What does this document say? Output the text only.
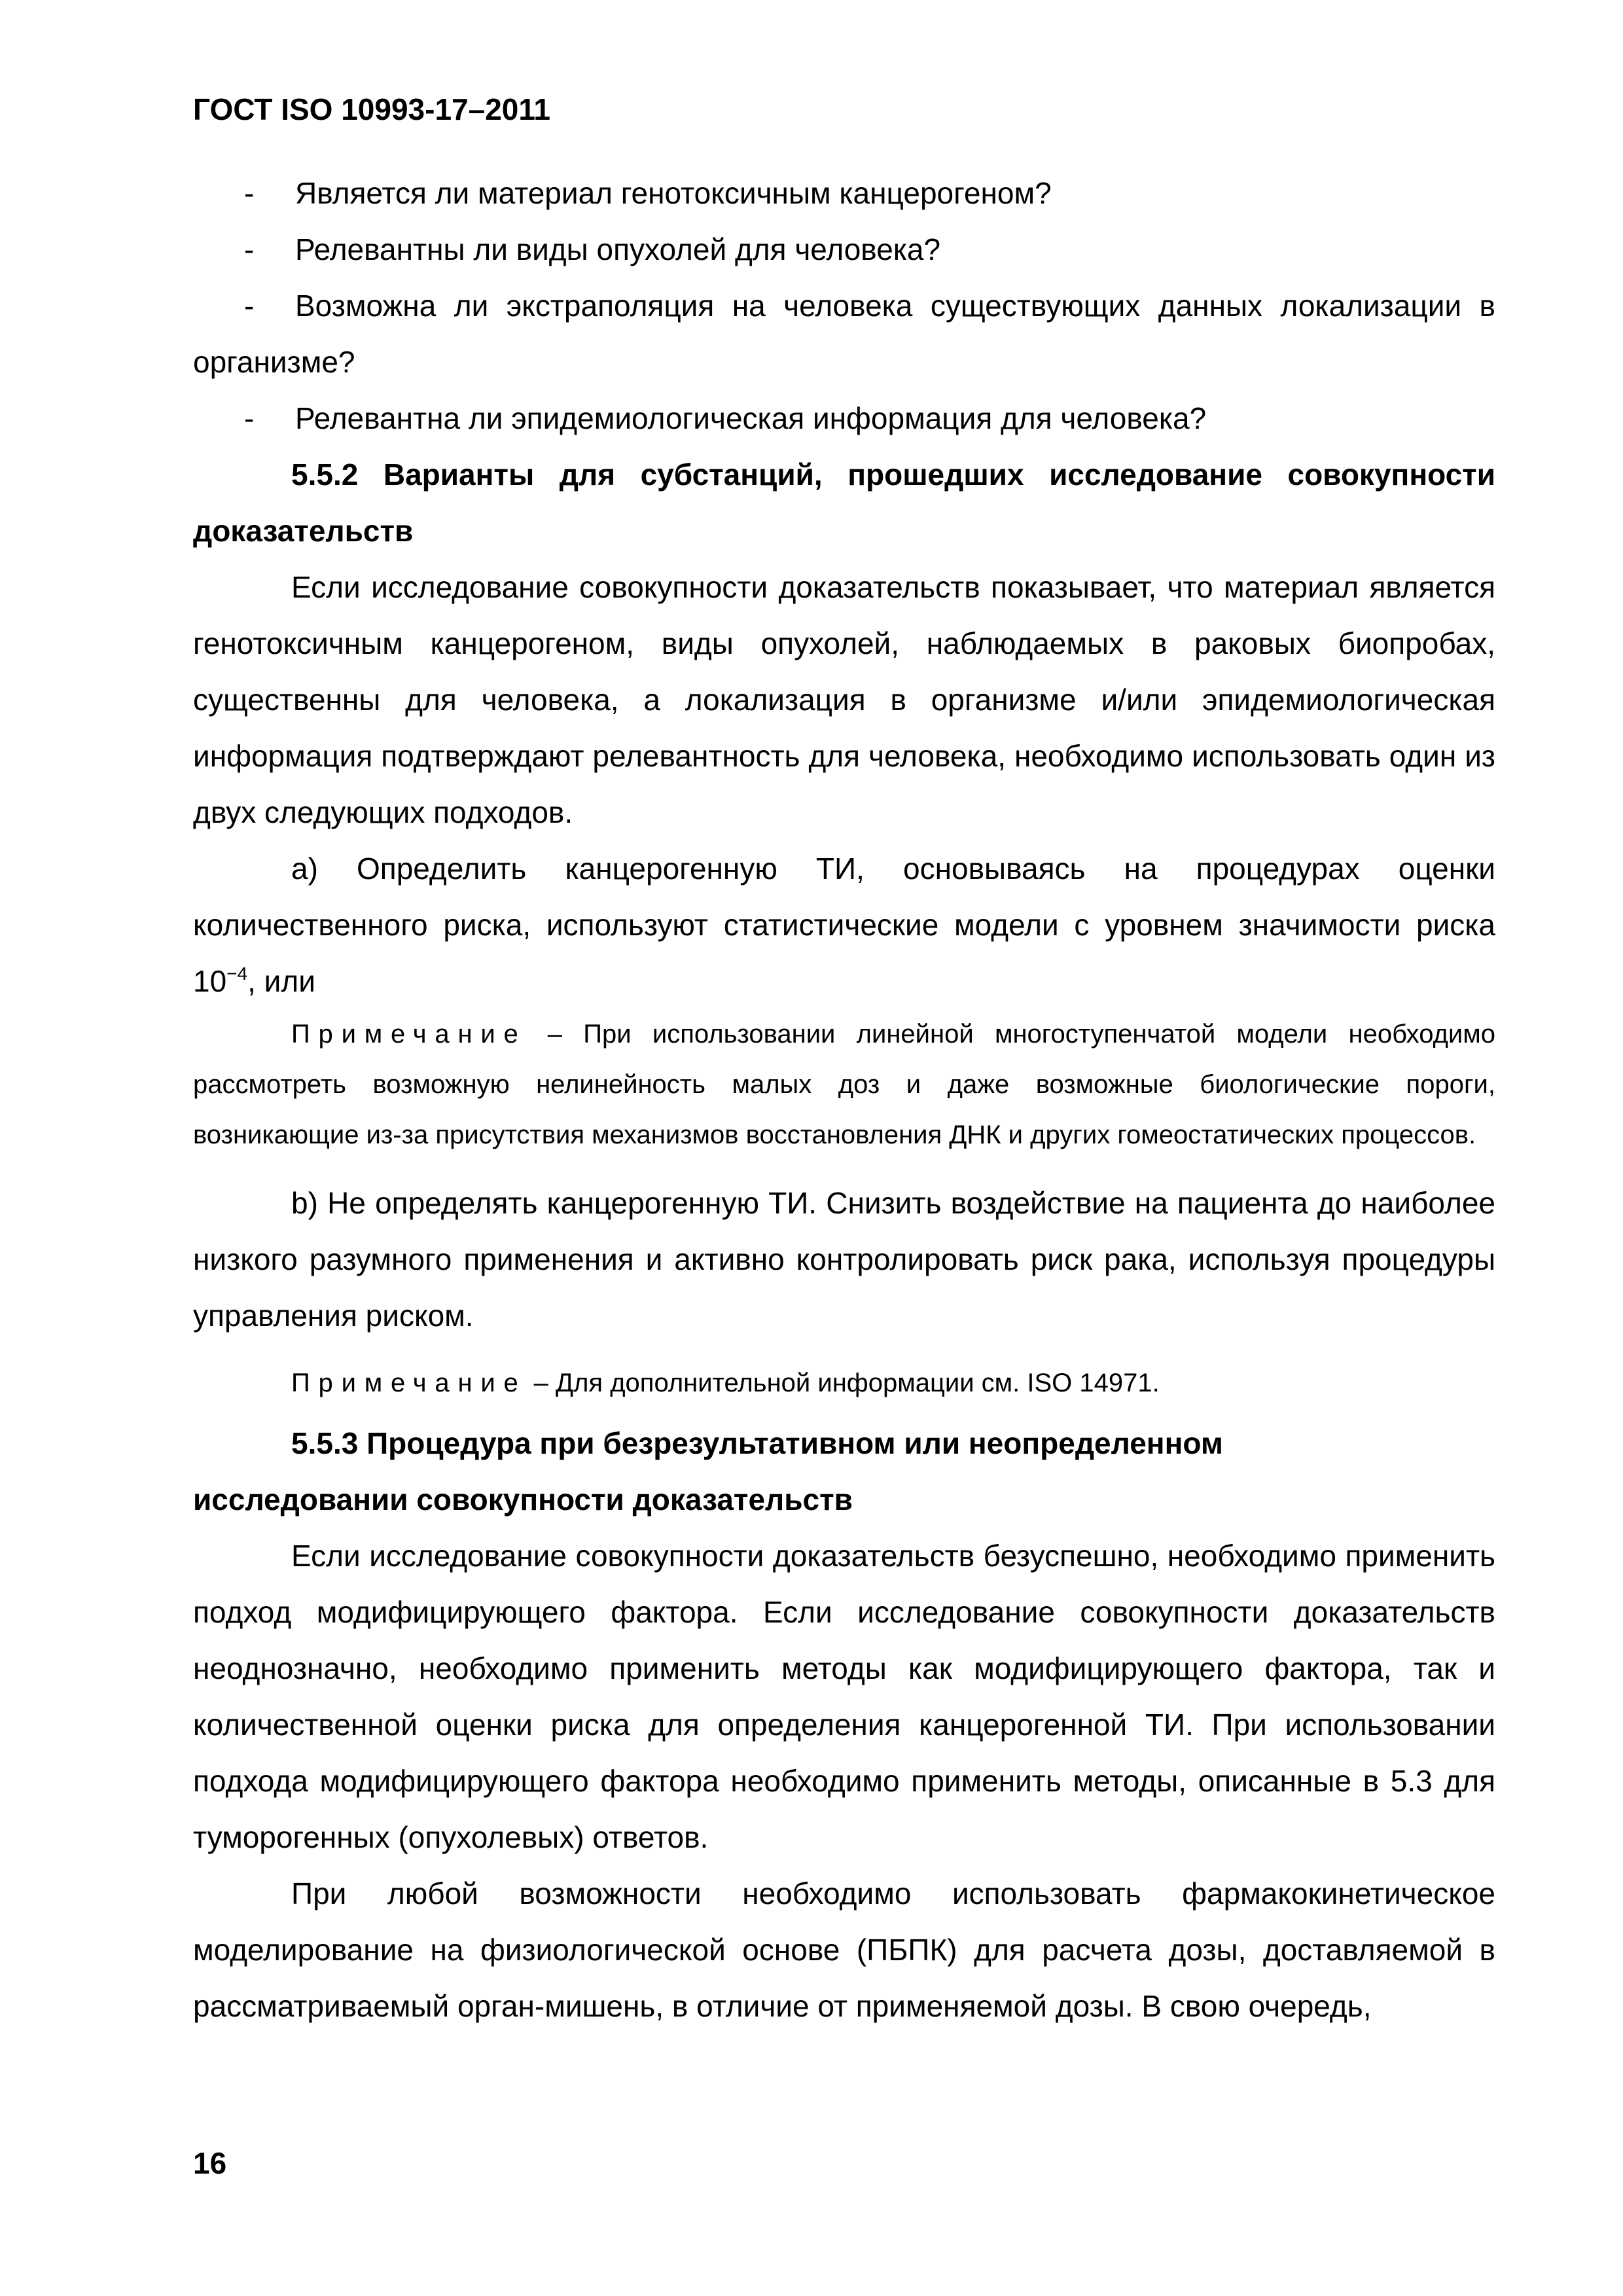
ГОСТ ISO 10993-17–2011

- Является ли материал генотоксичным канцерогеном?

- Релевантны ли виды опухолей для человека?

- Возможна ли экстраполяция на человека существующих данных локализации в организме?

- Релевантна ли эпидемиологическая информация для человека?

5.5.2 Варианты для субстанций, прошедших исследование совокупности доказательств

Если исследование совокупности доказательств показывает, что материал является генотоксичным канцерогеном, виды опухолей, наблюдаемых в раковых биопробах, существенны для человека, а локализация в организме и/или эпидемиологическая информация подтверждают релевантность для человека, необходимо использовать один из двух следующих подходов.

а) Определить канцерогенную ТИ, основываясь на процедурах оценки количественного риска, используют статистические модели с уровнем значимости риска $10^{-4}$, или

Примечание – При использовании линейной многоступенчатой модели необходимо рассмотреть возможную нелинейность малых доз и даже возможные биологические пороги, возникающие из-за присутствия механизмов восстановления ДНК и других гомеостатических процессов.

b) Не определять канцерогенную ТИ. Снизить воздействие на пациента до наиболее низкого разумного применения и активно контролировать риск рака, используя процедуры управления риском.

Примечание – Для дополнительной информации см. ISO 14971.

5.5.3 Процедура при безрезультативном или неопределенном

исследовании совокупности доказательств

Если исследование совокупности доказательств безуспешно, необходимо применить подход модифицирующего фактора. Если исследование совокупности доказательств неоднозначно, необходимо применить методы как модифицирующего фактора, так и количественной оценки риска для определения канцерогенной ТИ. При использовании подхода модифицирующего фактора необходимо применить методы, описанные в 5.3 для туморогенных (опухолевых) ответов.

При любой возможности необходимо использовать фармакокинетическое моделирование на физиологической основе (ПБПК) для расчета дозы, доставляемой в рассматриваемый орган-мишень, в отличие от применяемой дозы. В свою очередь,

16
